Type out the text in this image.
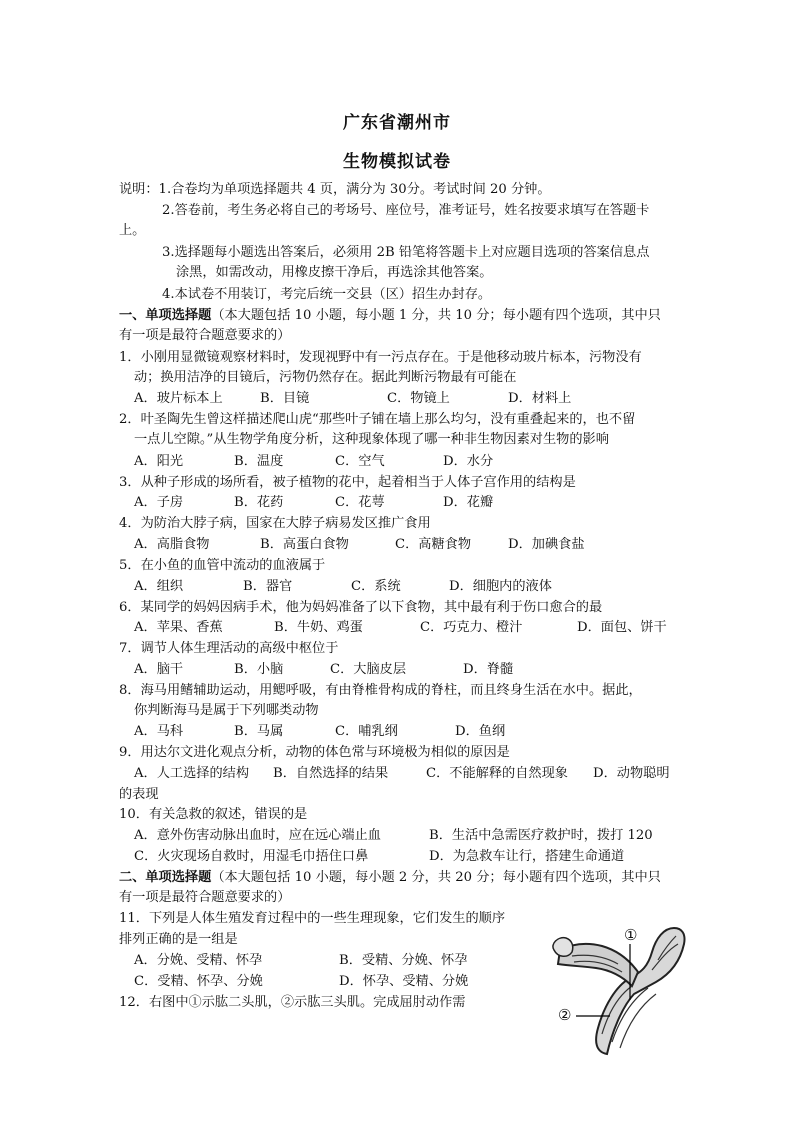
广东省潮州市
生物模拟试卷
说明：1.合卷均为单项选择题共 4 页，满分为 30分。考试时间 20 分钟。
2.答卷前，考生务必将自己的考场号、座位号，准考证号，姓名按要求填写在答题卡
上。
3.选择题每小题选出答案后，必须用 2B 铅笔将答题卡上对应题目选项的答案信息点
涂黑，如需改动，用橡皮擦干净后，再选涂其他答案。
4.本试卷不用装订，考完后统一交县（区）招生办封存。
一、单项选择题（本大题包括 10 小题，每小题 1 分，共 10 分；每小题有四个选项，其中只
有一项是最符合题意要求的）
1．小刚用显微镜观察材料时，发现视野中有一污点存在。于是他移动玻片标本，污物没有
动；换用洁净的目镜后，污物仍然存在。据此判断污物最有可能在
A．玻片标本上	B．目镜	C．物镜上	D．材料上
2．叶圣陶先生曾这样描述爬山虎“那些叶子铺在墙上那么均匀，没有重叠起来的，也不留
一点儿空隙。”从生物学角度分析，这种现象体现了哪一种非生物因素对生物的影响
A．阳光	B．温度	C．空气	D．水分
3．从种子形成的场所看，被子植物的花中，起着相当于人体子宫作用的结构是
A．子房	B．花药	C．花萼	D．花瓣
4．为防治大脖子病，国家在大脖子病易发区推广食用
A．高脂食物	B．高蛋白食物	C．高糖食物	D．加碘食盐
5．在小鱼的血管中流动的血液属于
A．组织	B．器官	C．系统	D．细胞内的液体
6．某同学的妈妈因病手术，他为妈妈准备了以下食物，其中最有利于伤口愈合的最
A．苹果、香蕉	B．牛奶、鸡蛋	C．巧克力、橙汁	D．面包、饼干
7．调节人体生理活动的高级中枢位于
A．脑干	B．小脑	C．大脑皮层	D．脊髓
8．海马用鳍辅助运动，用鳃呼吸，有由脊椎骨构成的脊柱，而且终身生活在水中。据此，
你判断海马是属于下列哪类动物
A．马科	B．马属	C．哺乳纲	D．鱼纲
9．用达尔文进化观点分析，动物的体色常与环境极为相似的原因是
A．人工选择的结构 B．自然选择的结果	C．不能解释的自然现象 D．动物聪明
的表现
10．有关急救的叙述，错误的是
A．意外伤害动脉出血时，应在远心端止血	B．生活中急需医疗救护时，拨打 120
C．火灾现场自救时，用湿毛巾捂住口鼻	D．为急救车让行，搭建生命通道
二、单项选择题（本大题包括 10 小题，每小题 2 分，共 20 分；每小题有四个选项，其中只
有一项是最符合题意要求的）
11．下列是人体生殖发育过程中的一些生理现象，它们发生的顺序
排列正确的是一组是
A．分娩、受精、怀孕	B．受精、分娩、怀孕
C．受精、怀孕、分娩	D．怀孕、受精、分娩
12．右图中①示肱二头肌，②示肱三头肌。完成屈肘动作需
①
②
